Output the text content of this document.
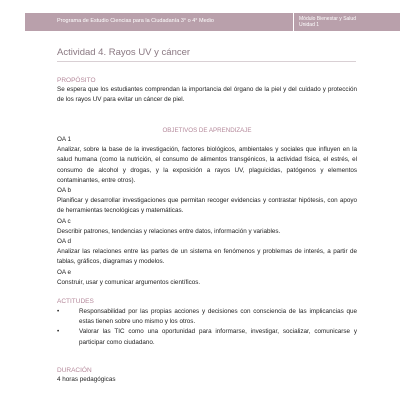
Programa de Estudio Ciencias para la Ciudadanía 3° o 4° Medio	Módulo Bienestar y Salud
Unidad 1
Actividad 4. Rayos UV y cáncer
PROPÓSITO
Se espera que los estudiantes comprendan la importancia del órgano de la piel y del cuidado y protección de los rayos UV para evitar un cáncer de piel.
OBJETIVOS DE APRENDIZAJE
OA 1
Analizar, sobre la base de la investigación, factores biológicos, ambientales y sociales que influyen en la salud humana (como la nutrición, el consumo de alimentos transgénicos, la actividad física, el estrés, el consumo de alcohol y drogas, y la exposición a rayos UV, plaguicidas, patógenos y elementos contaminantes, entre otros).
OA b
Planificar y desarrollar investigaciones que permitan recoger evidencias y contrastar hipótesis, con apoyo de herramientas tecnológicas y matemáticas.
OA c
Describir patrones, tendencias y relaciones entre datos, información y variables.
OA d
Analizar las relaciones entre las partes de un sistema en fenómenos y problemas de interés, a partir de tablas, gráficos, diagramas y modelos.
OA e
Construir, usar y comunicar argumentos científicos.
ACTITUDES
•	Responsabilidad por las propias acciones y decisiones con consciencia de las implicancias que estas tienen sobre uno mismo y los otros.
•	Valorar las TIC como una oportunidad para informarse, investigar, socializar, comunicarse y participar como ciudadano.
DURACIÓN
4 horas pedagógicas
